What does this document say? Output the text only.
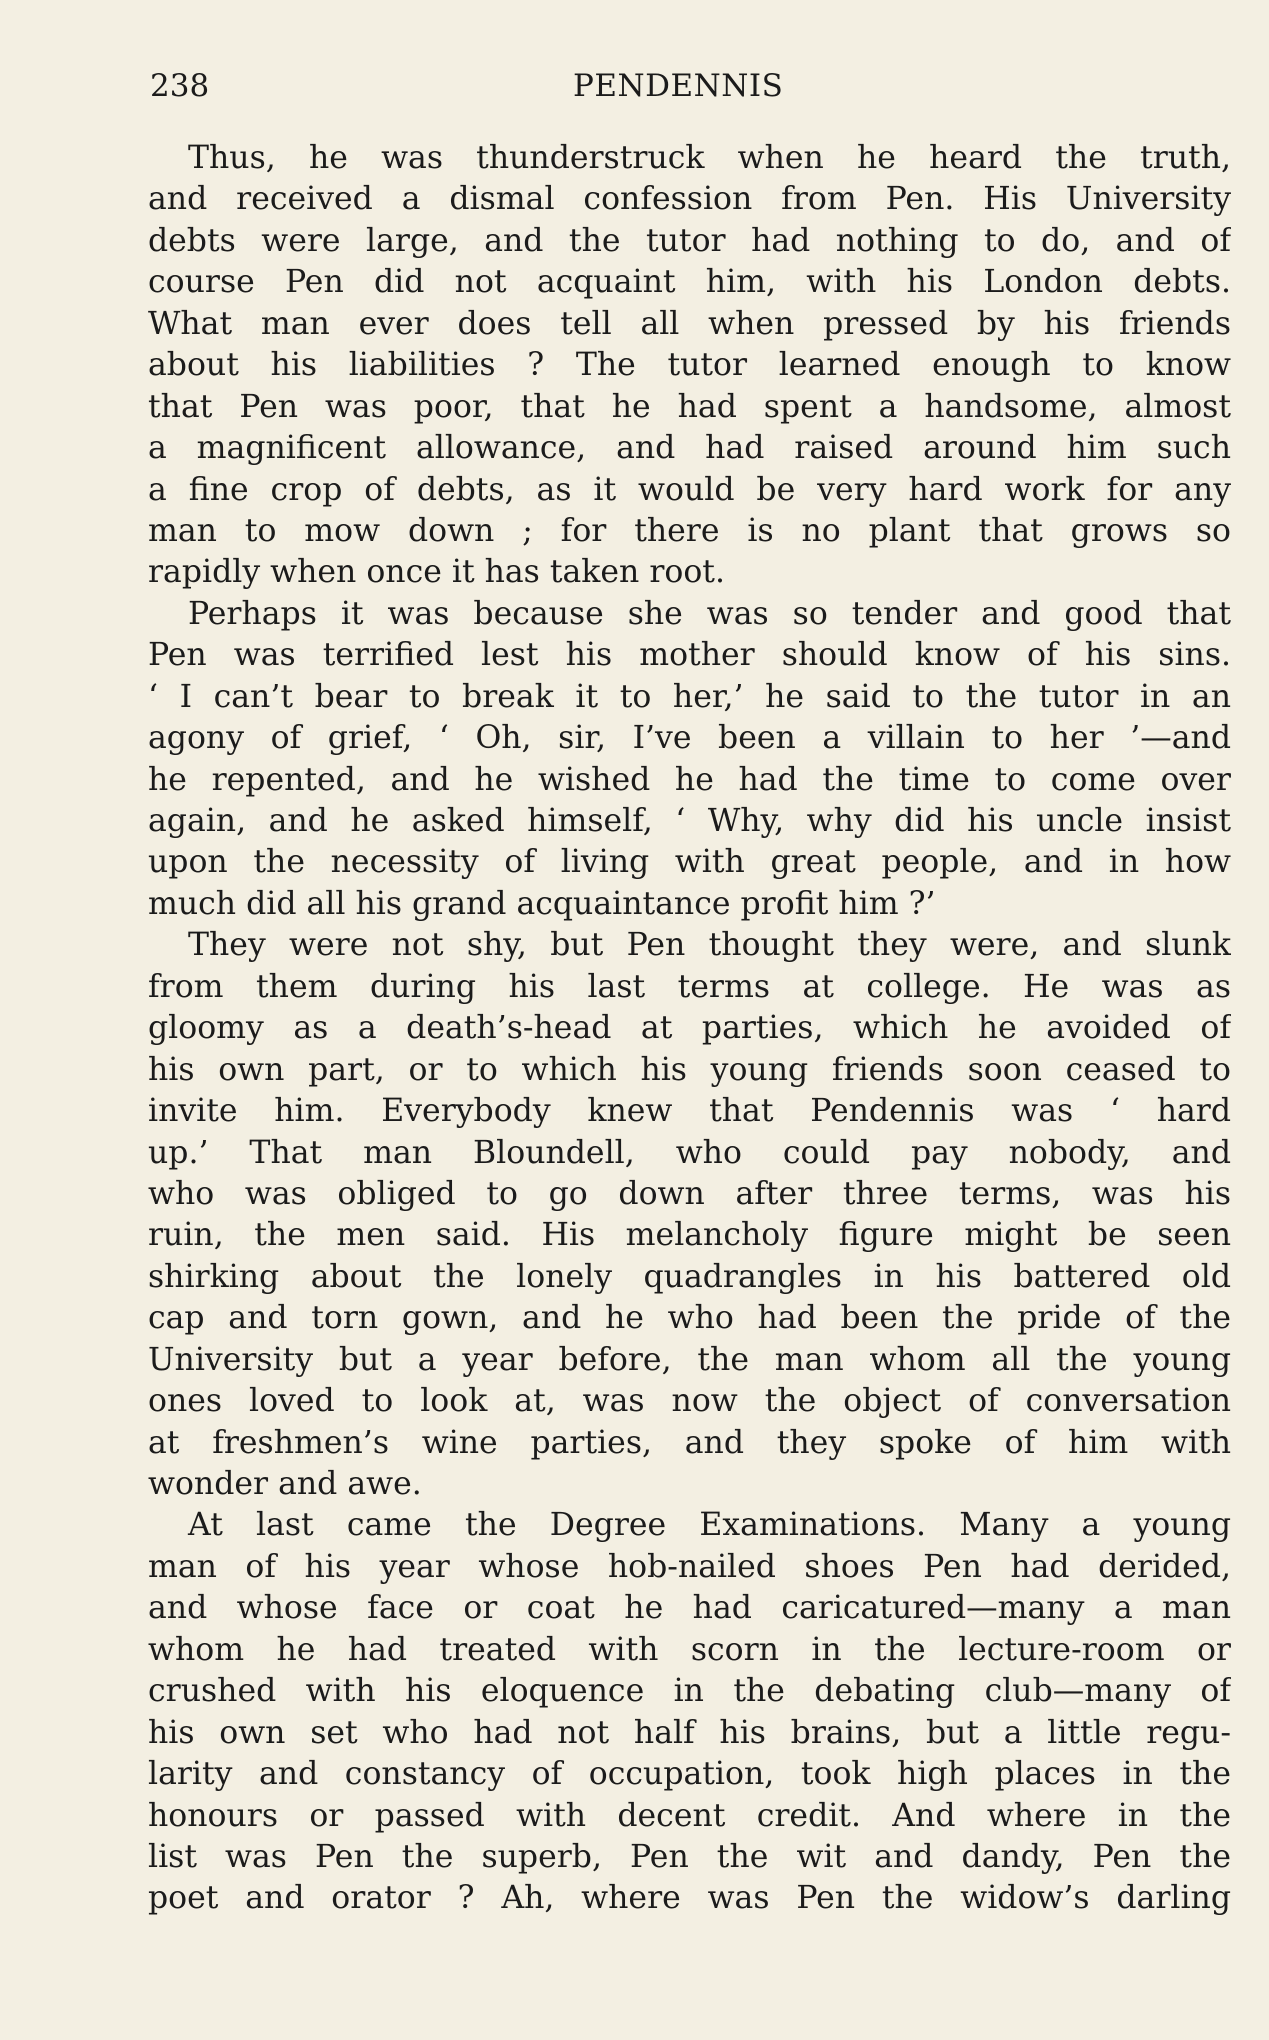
238	PENDENNIS
Thus, he was thunderstruck when he heard the truth,
and received a dismal confession from Pen. His University
debts were large, and the tutor had nothing to do, and of
course Pen did not acquaint him, with his London debts.
What man ever does tell all when pressed by his friends
about his liabilities ? The tutor learned enough to know
that Pen was poor, that he had spent a handsome, almost
a magnificent allowance, and had raised around him such
a fine crop of debts, as it would be very hard work for any
man to mow down ; for there is no plant that grows so
rapidly when once it has taken root.
Perhaps it was because she was so tender and good that
Pen was terrified lest his mother should know of his sins.
‘ I can’t bear to break it to her,’ he said to the tutor in an
agony of grief, ‘ Oh, sir, I’ve been a villain to her ’—and
he repented, and he wished he had the time to come over
again, and he asked himself, ‘ Why, why did his uncle insist
upon the necessity of living with great people, and in how
much did all his grand acquaintance profit him ?’
They were not shy, but Pen thought they were, and slunk
from them during his last terms at college. He was as
gloomy as a death’s-head at parties, which he avoided of
his own part, or to which his young friends soon ceased to
invite him. Everybody knew that Pendennis was ‘ hard
up.’ That man Bloundell, who could pay nobody, and
who was obliged to go down after three terms, was his
ruin, the men said. His melancholy figure might be seen
shirking about the lonely quadrangles in his battered old
cap and torn gown, and he who had been the pride of the
University but a year before, the man whom all the young
ones loved to look at, was now the object of conversation
at freshmen’s wine parties, and they spoke of him with
wonder and awe.
At last came the Degree Examinations. Many a young
man of his year whose hob-nailed shoes Pen had derided,
and whose face or coat he had caricatured—many a man
whom he had treated with scorn in the lecture-room or
crushed with his eloquence in the debating club—many of
his own set who had not half his brains, but a little regu-
larity and constancy of occupation, took high places in the
honours or passed with decent credit. And where in the
list was Pen the superb, Pen the wit and dandy, Pen the
poet and orator ? Ah, where was Pen the widow’s darling
